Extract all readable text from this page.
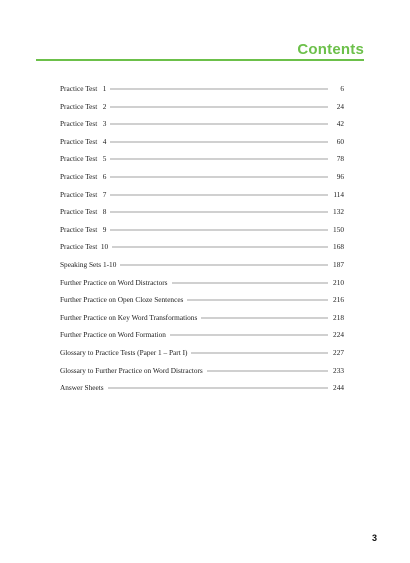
Contents
Practice Test   1	6
Practice Test   2	24
Practice Test   3	42
Practice Test   4	60
Practice Test   5	78
Practice Test   6	96
Practice Test   7	114
Practice Test   8	132
Practice Test   9	150
Practice Test  10	168
Speaking Sets 1-10	187
Further Practice on Word Distractors	210
Further Practice on Open Cloze Sentences	216
Further Practice on Key Word Transformations	218
Further Practice on Word Formation	224
Glossary to Practice Tests (Paper 1 – Part I)	227
Glossary to Further Practice on Word Distractors	233
Answer Sheets	244
3
